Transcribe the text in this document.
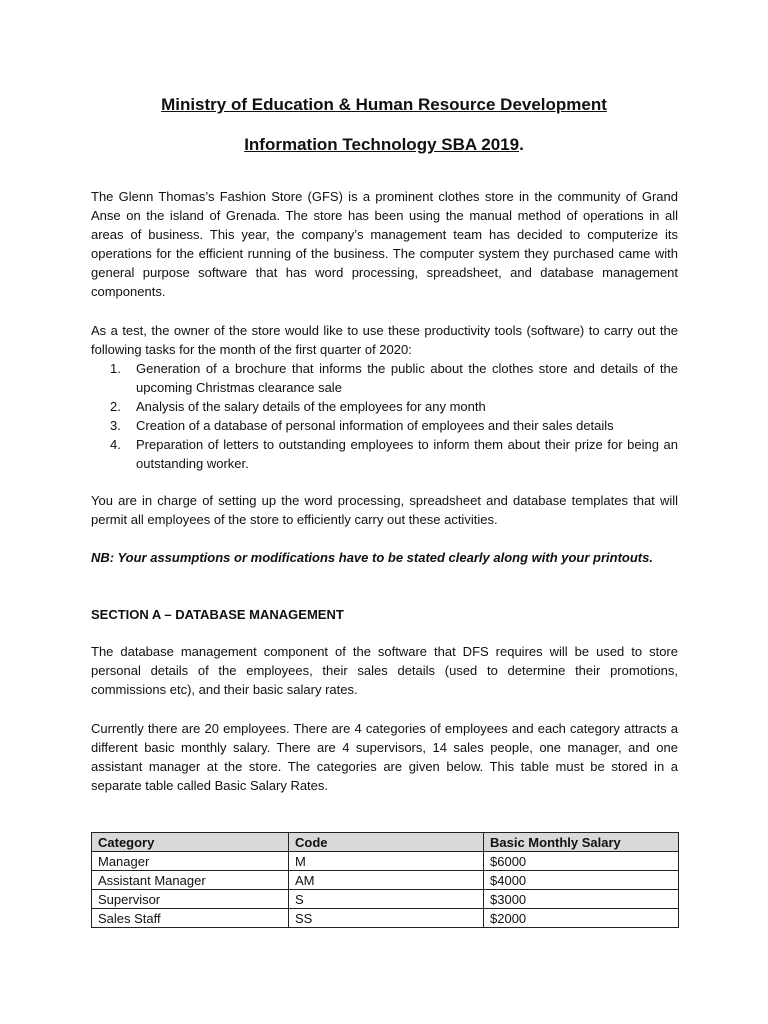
Ministry of Education & Human Resource Development
Information Technology SBA 2019.

The Glenn Thomas’s Fashion Store (GFS) is a prominent clothes store in the community of Grand Anse on the island of Grenada. The store has been using the manual method of operations in all areas of business. This year, the company’s management team has decided to computerize its operations for the efficient running of the business. The computer system they purchased came with general purpose software that has word processing, spreadsheet, and database management components.

As a test, the owner of the store would like to use these productivity tools (software) to carry out the following tasks for the month of the first quarter of 2020:

1. Generation of a brochure that informs the public about the clothes store and details of the upcoming Christmas clearance sale
2. Analysis of the salary details of the employees for any month
3. Creation of a database of personal information of employees and their sales details
4. Preparation of letters to outstanding employees to inform them about their prize for being an outstanding worker.

You are in charge of setting up the word processing, spreadsheet and database templates that will permit all employees of the store to efficiently carry out these activities.

NB: Your assumptions or modifications have to be stated clearly along with your printouts.
SECTION A – DATABASE MANAGEMENT

The database management component of the software that DFS requires will be used to store personal details of the employees, their sales details (used to determine their promotions, commissions etc), and their basic salary rates.

Currently there are 20 employees. There are 4 categories of employees and each category attracts a different basic monthly salary. There are 4 supervisors, 14 sales people, one manager, and one assistant manager at the store. The categories are given below. This table must be stored in a separate table called Basic Salary Rates.

Category	Code	Basic Monthly Salary
Manager	M	$6000
Assistant Manager	AM	$4000
Supervisor	S	$3000
Sales Staff	SS	$2000
